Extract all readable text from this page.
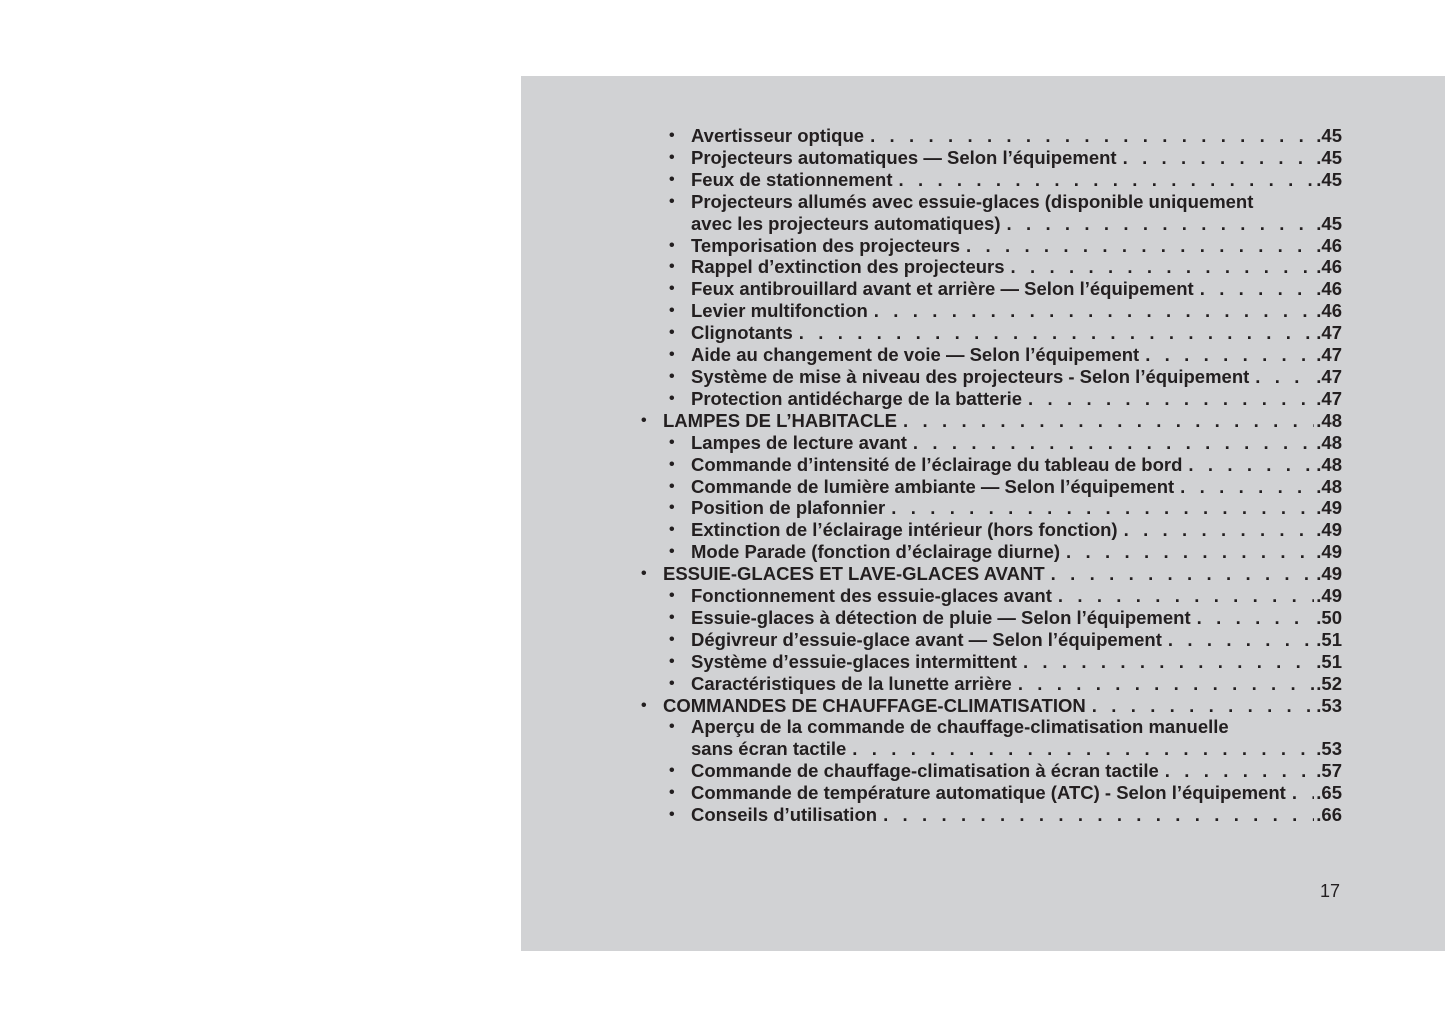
• Avertisseur optique . . .	.45
• Projecteurs automatiques — Selon l’équipement . . .	.45
• Feux de stationnement . . .	.45
• Projecteurs allumés avec essuie-glaces (disponible uniquement
avec les projecteurs automatiques) . . .	.45
• Temporisation des projecteurs . . .	.46
• Rappel d’extinction des projecteurs . . .	.46
• Feux antibrouillard avant et arrière — Selon l’équipement . . .	.46
• Levier multifonction . . .	.46
• Clignotants . . .	.47
• Aide au changement de voie — Selon l’équipement . . .	.47
• Système de mise à niveau des projecteurs - Selon l’équipement . . .	.47
• Protection antidécharge de la batterie . . .	.47
• LAMPES DE L’HABITACLE . . .	.48
• Lampes de lecture avant . . .	.48
• Commande d’intensité de l’éclairage du tableau de bord . . .	.48
• Commande de lumière ambiante — Selon l’équipement . . .	.48
• Position de plafonnier . . .	.49
• Extinction de l’éclairage intérieur (hors fonction) . . .	.49
• Mode Parade (fonction d’éclairage diurne) . . .	.49
• ESSUIE-GLACES ET LAVE-GLACES AVANT . . .	.49
• Fonctionnement des essuie-glaces avant . . .	.49
• Essuie-glaces à détection de pluie — Selon l’équipement . . .	.50
• Dégivreur d’essuie-glace avant — Selon l’équipement . . .	.51
• Système d’essuie-glaces intermittent . . .	.51
• Caractéristiques de la lunette arrière . . .	.52
• COMMANDES DE CHAUFFAGE-CLIMATISATION . . .	.53
• Aperçu de la commande de chauffage-climatisation manuelle
sans écran tactile . . .	.53
• Commande de chauffage-climatisation à écran tactile . . .	.57
• Commande de température automatique (ATC) - Selon l’équipement . . . .65
• Conseils d’utilisation . . .	.66
17
